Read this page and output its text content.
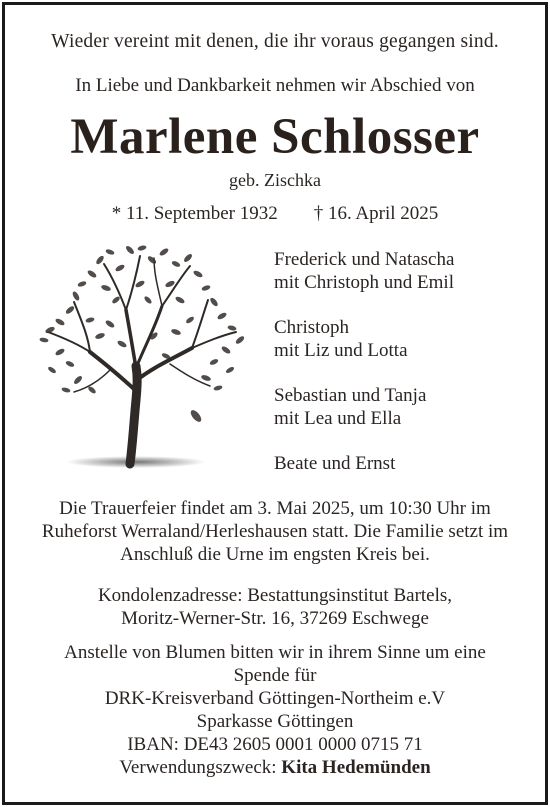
Wieder vereint mit denen, die ihr voraus gegangen sind.
In Liebe und Dankbarkeit nehmen wir Abschied von
Marlene Schlosser
geb. Zischka
* 11. September 1932 † 16. April 2025
Frederick und Natascha
mit Christoph und Emil
Christoph
mit Liz und Lotta
Sebastian und Tanja
mit Lea und Ella
Beate und Ernst
Die Trauerfeier findet am 3. Mai 2025, um 10:30 Uhr im
Ruheforst Werraland/Herleshausen statt. Die Familie setzt im
Anschluß die Urne im engsten Kreis bei.
Kondolenzadresse: Bestattungsinstitut Bartels,
Moritz-Werner-Str. 16, 37269 Eschwege
Anstelle von Blumen bitten wir in ihrem Sinne um eine
Spende für
DRK-Kreisverband Göttingen-Northeim e.V
Sparkasse Göttingen
IBAN: DE43 2605 0001 0000 0715 71
Verwendungszweck: Kita Hedemünden
